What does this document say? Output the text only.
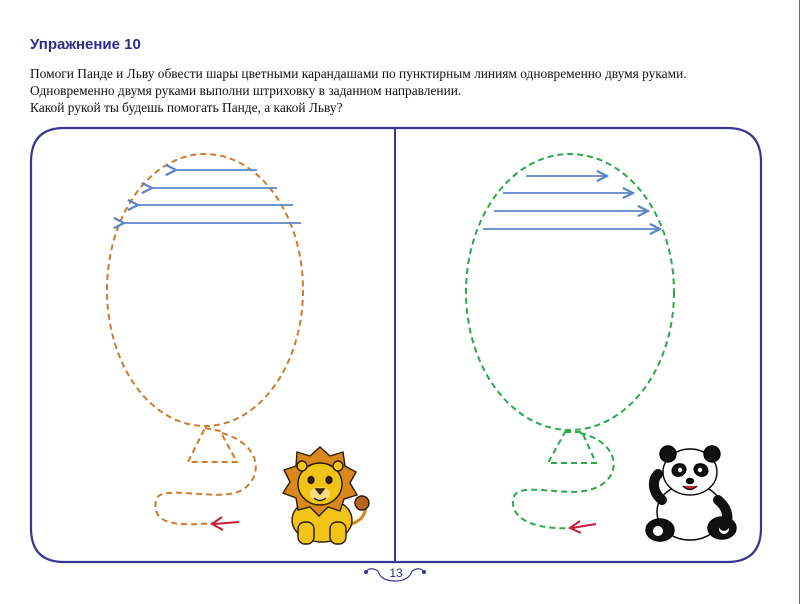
Упражнение 10
Помоги Панде и Льву обвести шары цветными карандашами по пунктирным линиям одновременно двумя руками.
Одновременно двумя руками выполни штриховку в заданном направлении.
Какой рукой ты будешь помогать Панде, а какой Льву?
13
